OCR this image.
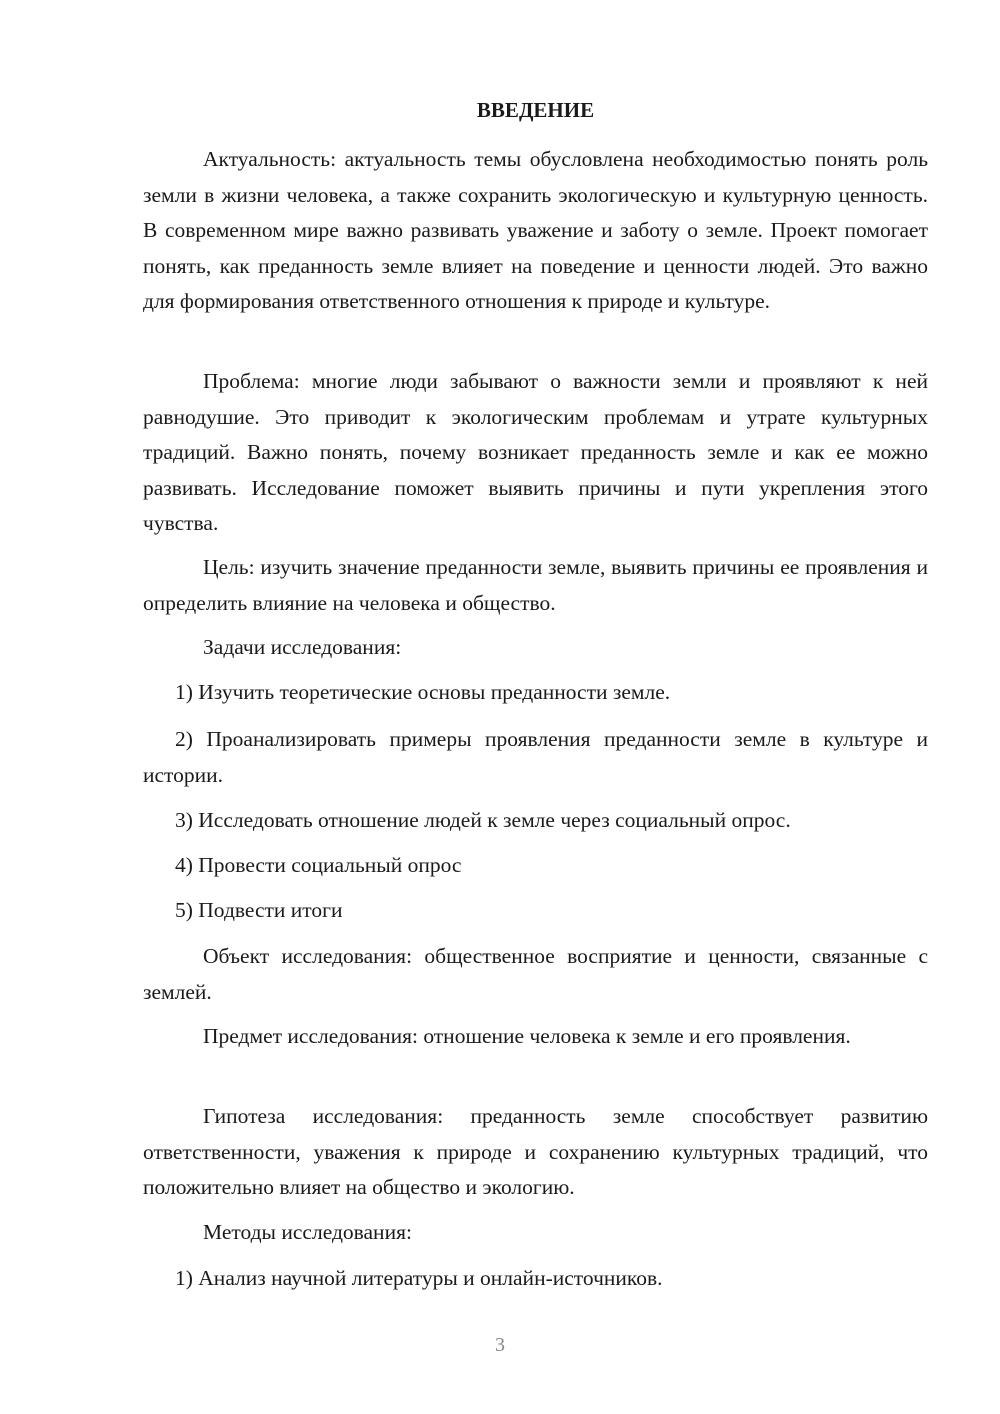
ВВЕДЕНИЕ

Актуальность: актуальность темы обусловлена необходимостью понять роль земли в жизни человека, а также сохранить экологическую и культурную ценность. В современном мире важно развивать уважение и заботу о земле. Проект помогает понять, как преданность земле влияет на поведение и ценности людей. Это важно для формирования ответственного отношения к природе и культуре.

Проблема: многие люди забывают о важности земли и проявляют к ней равнодушие. Это приводит к экологическим проблемам и утрате культурных традиций. Важно понять, почему возникает преданность земле и как ее можно развивать. Исследование поможет выявить причины и пути укрепления этого чувства.

Цель: изучить значение преданности земле, выявить причины ее проявления и определить влияние на человека и общество.

Задачи исследования:

1) Изучить теоретические основы преданности земле.

2) Проанализировать примеры проявления преданности земле в культуре и истории.

3) Исследовать отношение людей к земле через социальный опрос.

4) Провести социальный опрос

5) Подвести итоги

Объект исследования: общественное восприятие и ценности, связанные с землей.

Предмет исследования: отношение человека к земле и его проявления.

Гипотеза исследования: преданность земле способствует развитию ответственности, уважения к природе и сохранению культурных традиций, что положительно влияет на общество и экологию.

Методы исследования:

1) Анализ научной литературы и онлайн-источников.

3
